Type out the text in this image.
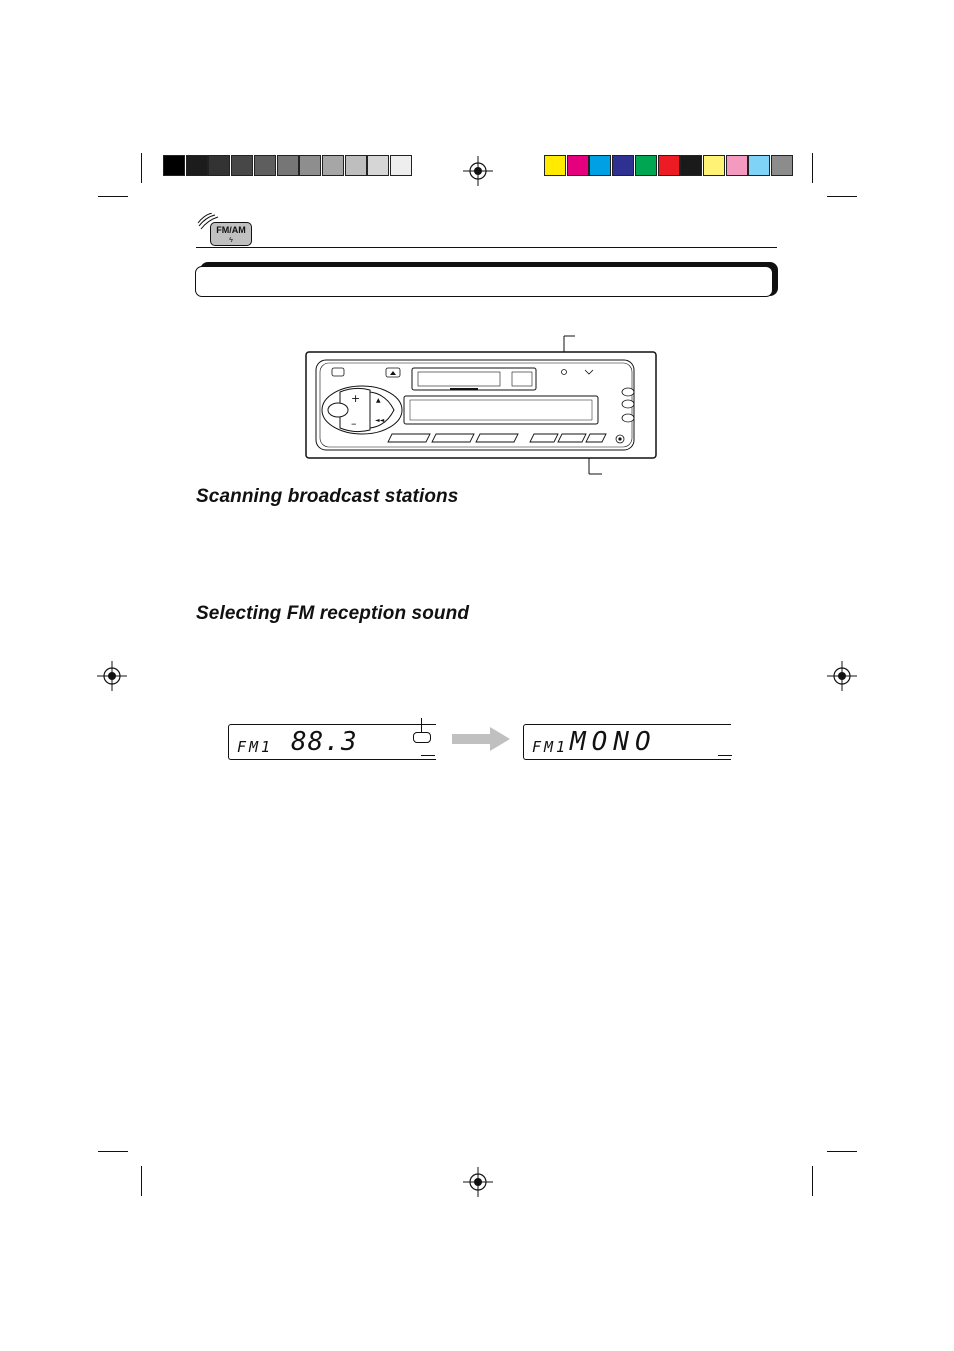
FM/AM
ϟ
+
–
▲
◄◄
Scanning broadcast stations
Selecting FM reception sound
FM1 88.3	FM1 MONO
